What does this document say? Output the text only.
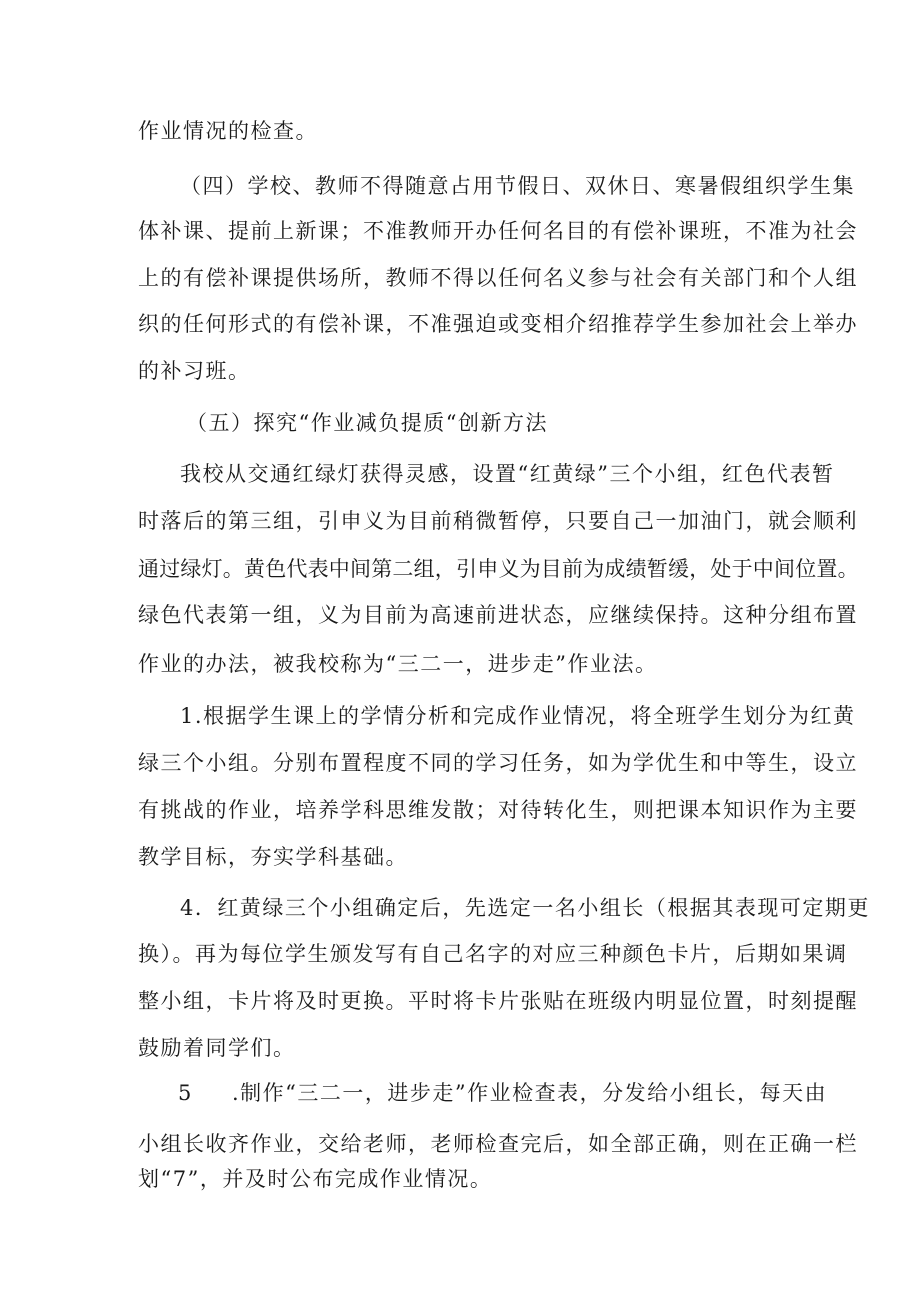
作业情况的检查。
（四）学校、教师不得随意占用节假日、双休日、寒暑假组织学生集
体补课、提前上新课；不准教师开办任何名目的有偿补课班，不准为社会
上的有偿补课提供场所，教师不得以任何名义参与社会有关部门和个人组
织的任何形式的有偿补课，不准强迫或变相介绍推荐学生参加社会上举办
的补习班。
（五）探究“作业减负提质“创新方法
我校从交通红绿灯获得灵感，设置“红黄绿”三个小组，红色代表暂
时落后的第三组，引申义为目前稍微暂停，只要自己一加油门，就会顺利
通过绿灯。黄色代表中间第二组，引申义为目前为成绩暂缓，处于中间位置。
绿色代表第一组，义为目前为高速前进状态，应继续保持。这种分组布置
作业的办法，被我校称为“三二一，进步走”作业法。
1.根据学生课上的学情分析和完成作业情况，将全班学生划分为红黄
绿三个小组。分别布置程度不同的学习任务，如为学优生和中等生，设立
有挑战的作业，培养学科思维发散；对待转化生，则把课本知识作为主要
教学目标，夯实学科基础。
4．红黄绿三个小组确定后，先选定一名小组长（根据其表现可定期更
换）。再为每位学生颁发写有自己名字的对应三种颜色卡片，后期如果调
整小组，卡片将及时更换。平时将卡片张贴在班级内明显位置，时刻提醒
鼓励着同学们。
5 .制作“三二一，进步走”作业检查表，分发给小组长，每天由
小组长收齐作业，交给老师，老师检查完后，如全部正确，则在正确一栏
划“7”，并及时公布完成作业情况。
